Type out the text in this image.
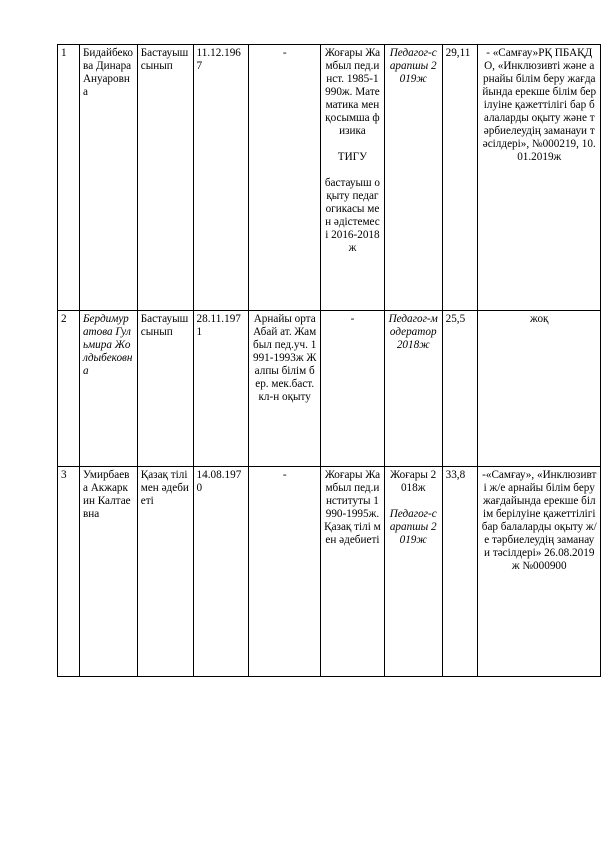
1	Бидайбековa Динара Ануаровна	Бастауыш сынып	11.12.1967	-	Жоғары Жамбыл пед.инст. 1985-1990ж. Математика мен қосымша физика
ТИГУ
бастауыш оқыту педагогикасы мен әдістемесі 2016-2018ж	Педагог-сарапшы 2019ж	29,11	- «Самғау»РҚ ПБАҚДО, «Инклюзивті және арнайы білім беру жағдайында ерекше білім берілуіне қажеттілігі бар балаларды оқыту және тәрбиелеудің заманауи тәсілдері», №000219, 10.01.2019ж
2	Бердимуратова Гульмира Жолдыбековна	Бастауыш сынып	28.11.1971	Арнайы орта Абай ат. Жамбыл пед.уч. 1991-1993ж Жалпы білім бер. мек.баст. кл-н оқыту	-	Педагог-модератор 2018ж	25,5	жоқ
3	Умирбаева Акжаркин Калтаевна	Қазақ тілі мен әдебиеті	14.08.1970	-	Жоғары Жамбыл пед.институты 1990-1995ж. Қазақ тілі мен әдебиеті	Жоғары 2018ж
Педагог-сарапшы 2019ж	33,8	-«Самғау», «Инклюзивті ж/е арнайы білім беру жағдайында ерекше білім берілуіне қажеттілігі бар балаларды оқыту ж/е тәрбиелеудің заманауи тәсілдері» 26.08.2019ж №000900
